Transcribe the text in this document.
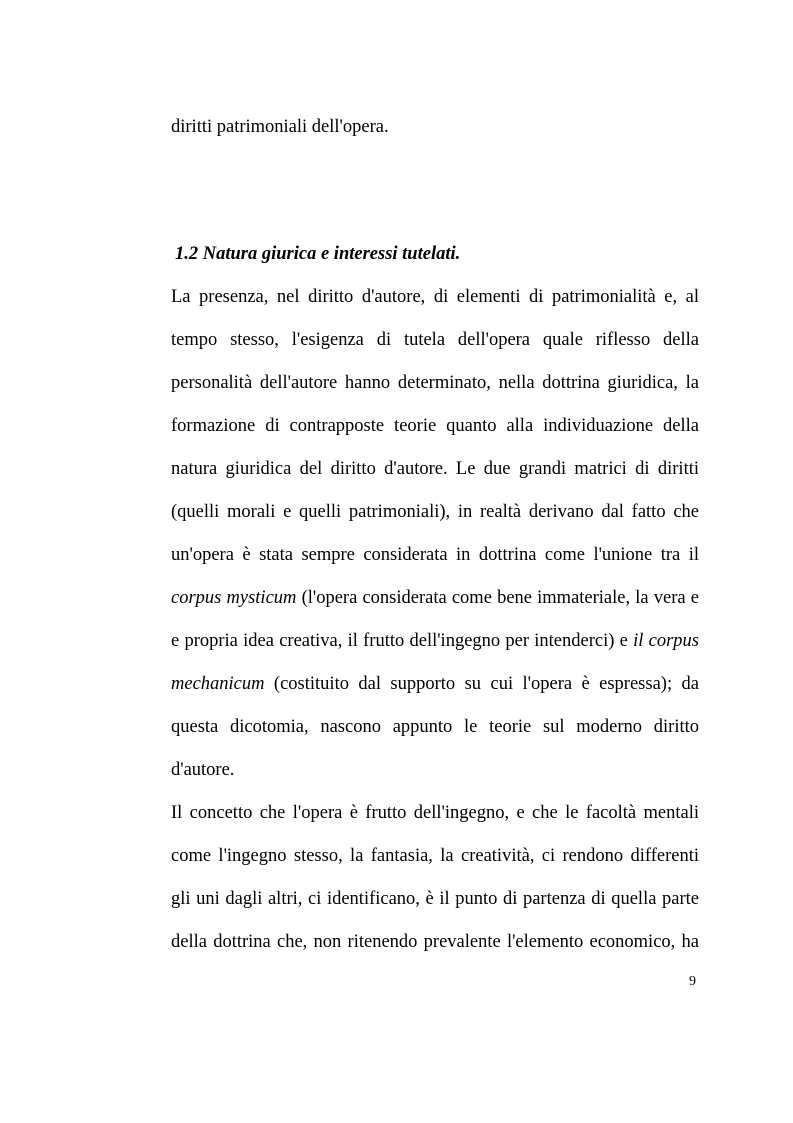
diritti patrimoniali dell'opera.
1.2 Natura giurica e interessi tutelati.
La presenza, nel diritto d'autore, di elementi di patrimonialità e, al
tempo stesso, l'esigenza di tutela dell'opera quale riflesso della
personalità dell'autore hanno determinato, nella dottrina giuridica, la
formazione di contrapposte teorie quanto alla individuazione della
natura giuridica del diritto d'autore. Le due grandi matrici di diritti
(quelli morali e quelli patrimoniali), in realtà derivano dal fatto che
un'opera è stata sempre considerata in dottrina come l'unione tra il
corpus mysticum (l'opera considerata come bene immateriale, la vera e
e propria idea creativa, il frutto dell'ingegno per intenderci) e il corpus
mechanicum (costituito dal supporto su cui l'opera è espressa); da
questa dicotomia, nascono appunto le teorie sul moderno diritto
d'autore.
Il concetto che l'opera è frutto dell'ingegno, e che le facoltà mentali
come l'ingegno stesso, la fantasia, la creatività, ci rendono differenti
gli uni dagli altri, ci identificano, è il punto di partenza di quella parte
della dottrina che, non ritenendo prevalente l'elemento economico, ha
9
